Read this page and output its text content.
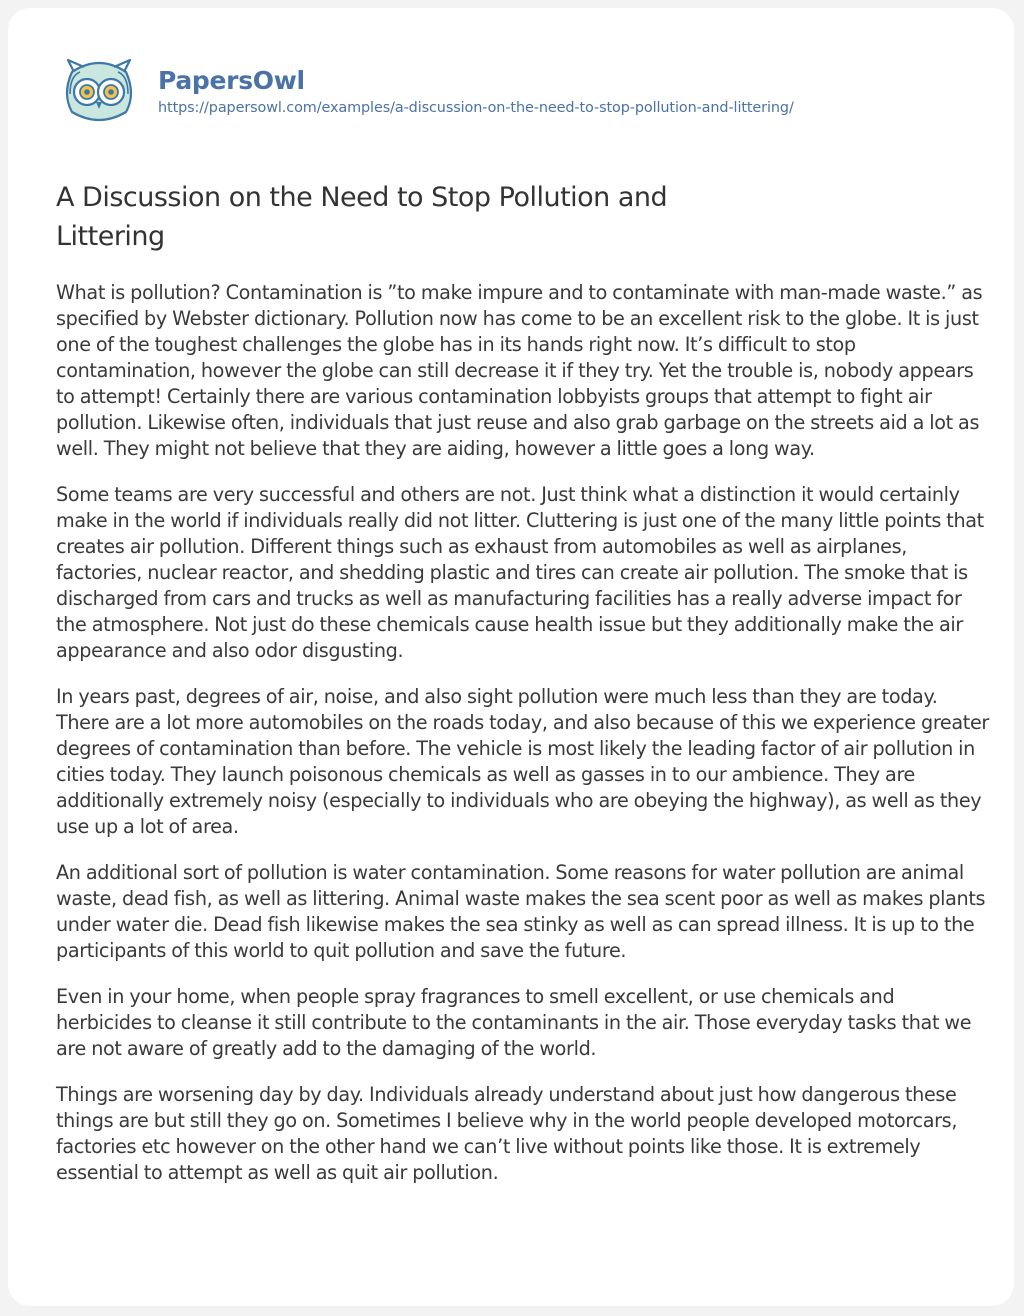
PapersOwl
https://papersowl.com/examples/a-discussion-on-the-need-to-stop-pollution-and-littering/
A Discussion on the Need to Stop Pollution and Littering

What is pollution? Contamination is ”to make impure and to contaminate with man-made waste.” as specified by Webster dictionary. Pollution now has come to be an excellent risk to the globe. It is just one of the toughest challenges the globe has in its hands right now. It’s difficult to stop contamination, however the globe can still decrease it if they try. Yet the trouble is, nobody appears to attempt! Certainly there are various contamination lobbyists groups that attempt to fight air pollution. Likewise often, individuals that just reuse and also grab garbage on the streets aid a lot as well. They might not believe that they are aiding, however a little goes a long way.

Some teams are very successful and others are not. Just think what a distinction it would certainly make in the world if individuals really did not litter. Cluttering is just one of the many little points that creates air pollution. Different things such as exhaust from automobiles as well as airplanes, factories, nuclear reactor, and shedding plastic and tires can create air pollution. The smoke that is discharged from cars and trucks as well as manufacturing facilities has a really adverse impact for the atmosphere. Not just do these chemicals cause health issue but they additionally make the air appearance and also odor disgusting.

In years past, degrees of air, noise, and also sight pollution were much less than they are today. There are a lot more automobiles on the roads today, and also because of this we experience greater degrees of contamination than before. The vehicle is most likely the leading factor of air pollution in cities today. They launch poisonous chemicals as well as gasses in to our ambience. They are additionally extremely noisy (especially to individuals who are obeying the highway), as well as they use up a lot of area.

An additional sort of pollution is water contamination. Some reasons for water pollution are animal waste, dead fish, as well as littering. Animal waste makes the sea scent poor as well as makes plants under water die. Dead fish likewise makes the sea stinky as well as can spread illness. It is up to the participants of this world to quit pollution and save the future.

Even in your home, when people spray fragrances to smell excellent, or use chemicals and herbicides to cleanse it still contribute to the contaminants in the air. Those everyday tasks that we are not aware of greatly add to the damaging of the world.

Things are worsening day by day. Individuals already understand about just how dangerous these things are but still they go on. Sometimes I believe why in the world people developed motorcars, factories etc however on the other hand we can’t live without points like those. It is extremely essential to attempt as well as quit air pollution.
